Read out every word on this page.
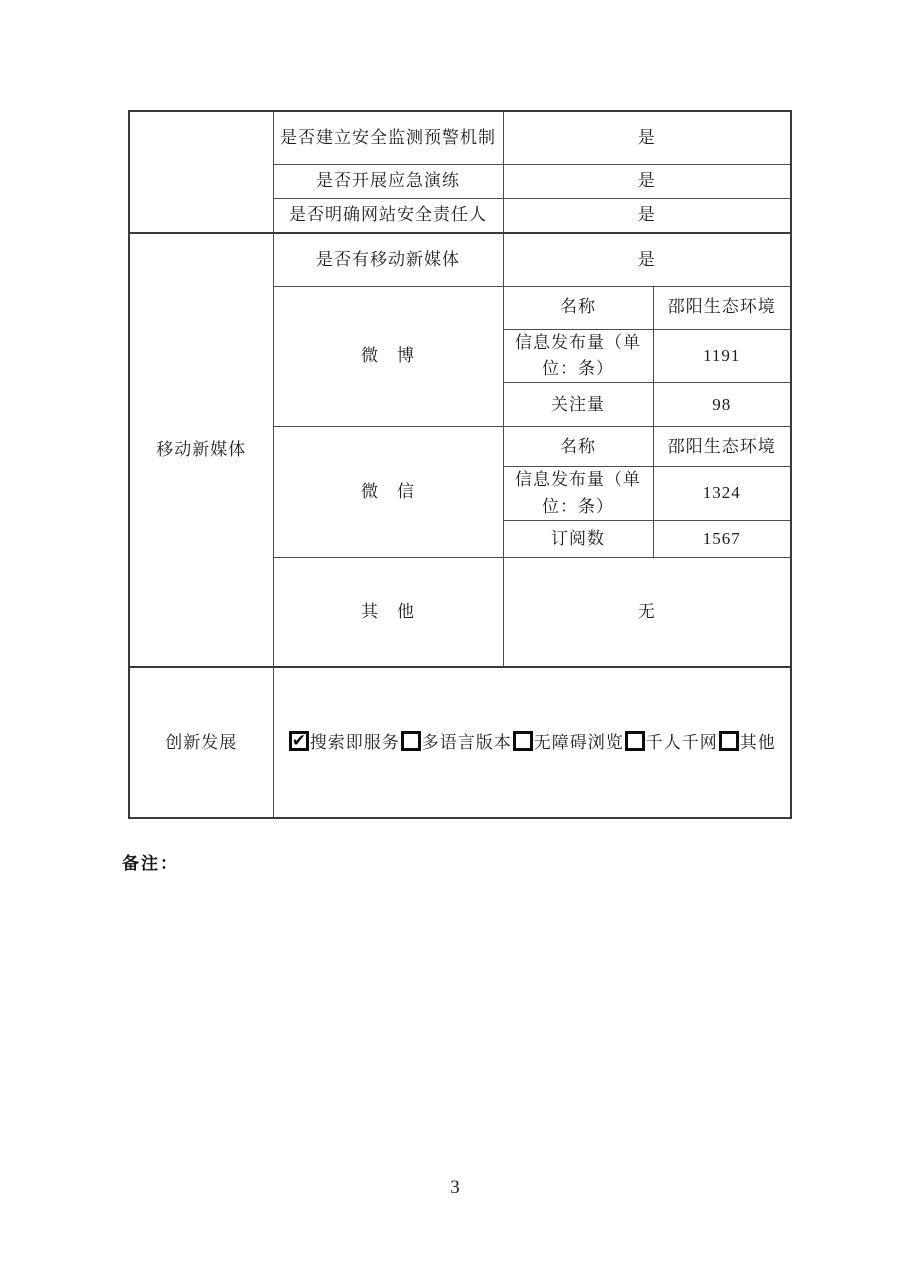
	是否建立安全监测预警机制	是	
	是否开展应急演练	是	
	是否明确网站安全责任人	是	
移动新媒体	是否有移动新媒体	是	
	微　博	名称	邵阳生态环境
		信息发布量（单位：条）	1191
		关注量	98
	微　信	名称	邵阳生态环境
		信息发布量（单位：条）	1324
		订阅数	1567
	其　他	无	
创新发展	✔搜索即服务 多语言版本 无障碍浏览 千人千网 其他
备注：
3
